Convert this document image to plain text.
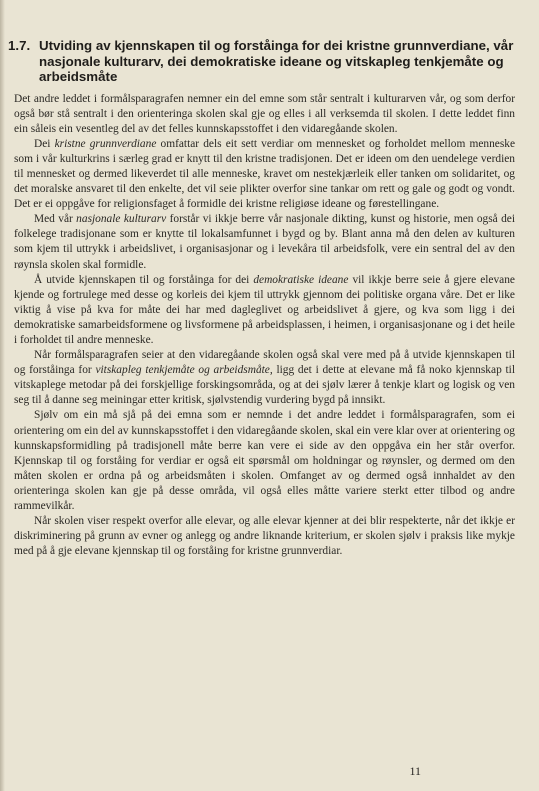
1.7. Utviding av kjennskapen til og forståinga for dei kristne grunnverdiane, vår nasjonale kulturarv, dei demokratiske ideane og vitskapleg tenkjemåte og arbeidsmåte

Det andre leddet i formålsparagrafen nemner ein del emne som står sentralt i kulturarven vår, og som derfor også bør stå sentralt i den orienteringa skolen skal gje og elles i all verksemda til skolen. I dette leddet finn ein såleis ein vesentleg del av det felles kunnskapsstoffet i den vidaregåande skolen.

Dei kristne grunnverdiane omfattar dels eit sett verdiar om mennesket og forholdet mellom menneske som i vår kulturkrins i særleg grad er knytt til den kristne tradisjonen. Det er ideen om den uendelege verdien til mennesket og dermed likeverdet til alle menneske, kravet om nestekjærleik eller tanken om solidaritet, og det moralske ansvaret til den enkelte, det vil seie plikter overfor sine tankar om rett og gale og godt og vondt. Det er ei oppgåve for religionsfaget å formidle dei kristne religiøse ideane og førestellingane.

Med vår nasjonale kulturarv forstår vi ikkje berre vår nasjonale dikting, kunst og historie, men også dei folkelege tradisjonane som er knytte til lokalsamfunnet i bygd og by. Blant anna må den delen av kulturen som kjem til uttrykk i arbeidslivet, i organisasjonar og i levekåra til arbeidsfolk, vere ein sentral del av den røynsla skolen skal formidle.

Å utvide kjennskapen til og forståinga for dei demokratiske ideane vil ikkje berre seie å gjere elevane kjende og fortrulege med desse og korleis dei kjem til uttrykk gjennom dei politiske organa våre. Det er like viktig å vise på kva for måte dei har med dagleglivet og arbeidslivet å gjere, og kva som ligg i dei demokratiske samarbeidsformene og livsformene på arbeidsplassen, i heimen, i organisasjonane og i det heile i forholdet til andre menneske.

Når formålsparagrafen seier at den vidaregåande skolen også skal vere med på å utvide kjennskapen til og forståinga for vitskapleg tenkjemåte og arbeidsmåte, ligg det i dette at elevane må få noko kjennskap til vitskaplege metodar på dei forskjellige forskingsområda, og at dei sjølv lærer å tenkje klart og logisk og ven seg til å danne seg meiningar etter kritisk, sjølvstendig vurdering bygd på innsikt.

Sjølv om ein må sjå på dei emna som er nemnde i det andre leddet i formålsparagrafen, som ei orientering om ein del av kunnskapsstoffet i den vidaregåande skolen, skal ein vere klar over at orientering og kunnskapsformidling på tradisjonell måte berre kan vere ei side av den oppgåva ein her står overfor. Kjennskap til og forståing for verdiar er også eit spørsmål om holdningar og røynsler, og dermed om den måten skolen er ordna på og arbeidsmåten i skolen. Omfanget av og dermed også innhaldet av den orienteringa skolen kan gje på desse områda, vil også elles måtte variere sterkt etter tilbod og andre rammevilkår.

Når skolen viser respekt overfor alle elevar, og alle elevar kjenner at dei blir respekterte, når det ikkje er diskriminering på grunn av evner og anlegg og andre liknande kriterium, er skolen sjølv i praksis like mykje med på å gje elevane kjennskap til og forståing for kristne grunnverdiar.

11
